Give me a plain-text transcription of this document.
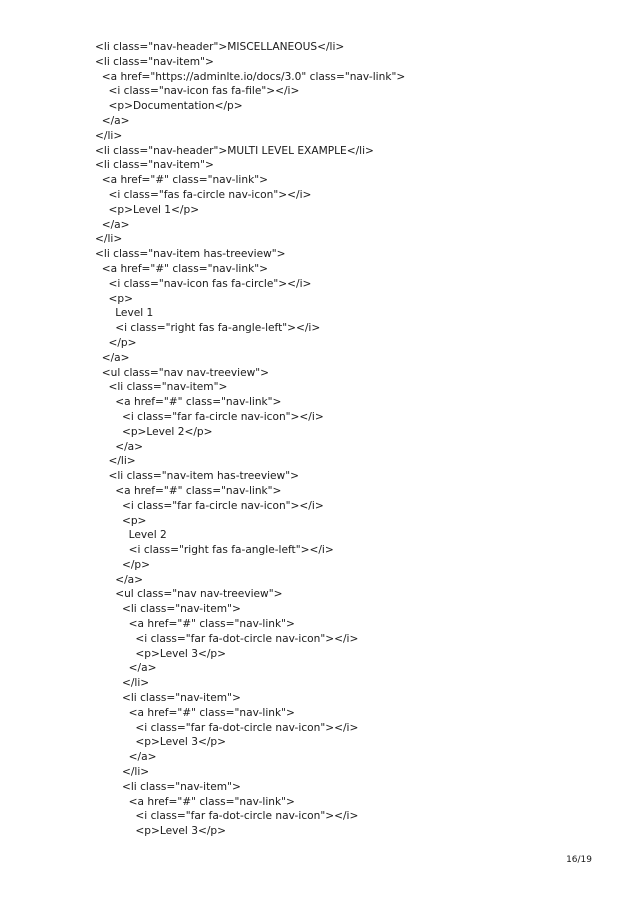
<li class="nav-header">MISCELLANEOUS</li>
<li class="nav-item">
<a href="https://adminlte.io/docs/3.0" class="nav-link">
<i class="nav-icon fas fa-file"></i>
<p>Documentation</p>
</a>
</li>
<li class="nav-header">MULTI LEVEL EXAMPLE</li>
<li class="nav-item">
<a href="#" class="nav-link">
<i class="fas fa-circle nav-icon"></i>
<p>Level 1</p>
</a>
</li>
<li class="nav-item has-treeview">
<a href="#" class="nav-link">
<i class="nav-icon fas fa-circle"></i>
<p>
Level 1
<i class="right fas fa-angle-left"></i>
</p>
</a>
<ul class="nav nav-treeview">
<li class="nav-item">
<a href="#" class="nav-link">
<i class="far fa-circle nav-icon"></i>
<p>Level 2</p>
</a>
</li>
<li class="nav-item has-treeview">
<a href="#" class="nav-link">
<i class="far fa-circle nav-icon"></i>
<p>
Level 2
<i class="right fas fa-angle-left"></i>
</p>
</a>
<ul class="nav nav-treeview">
<li class="nav-item">
<a href="#" class="nav-link">
<i class="far fa-dot-circle nav-icon"></i>
<p>Level 3</p>
</a>
</li>
<li class="nav-item">
<a href="#" class="nav-link">
<i class="far fa-dot-circle nav-icon"></i>
<p>Level 3</p>
</a>
</li>
<li class="nav-item">
<a href="#" class="nav-link">
<i class="far fa-dot-circle nav-icon"></i>
<p>Level 3</p>
16/19
